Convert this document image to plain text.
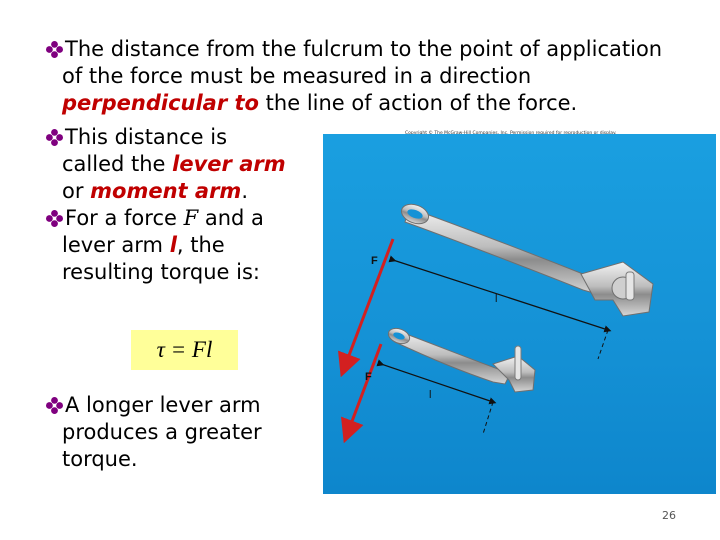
The distance from the fulcrum to the point of application
of the force must be measured in a direction
perpendicular to the line of action of the force.
This distance is
called the lever arm
or moment arm.
For a force F and a
lever arm l, the
resulting torque is:
τ = Fl
A longer lever arm
produces a greater
torque.
F
l
F
l
26
